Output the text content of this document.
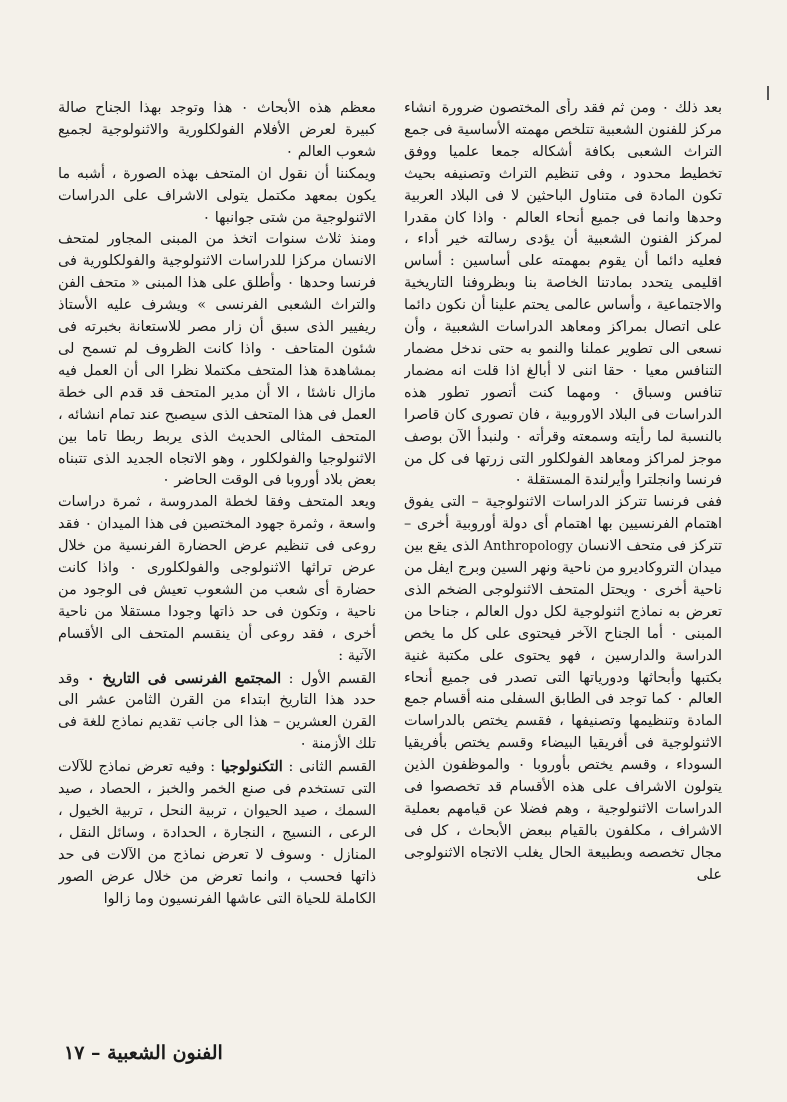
بعد ذلك ٠ ومن ثم فقد رأى المختصون ضرورة انشاء مركز للفنون الشعبية تتلخص مهمته الأساسية فى جمع التراث الشعبى بكافة أشكاله جمعا علميا ووفق تخطيط محدود ، وفى تنظيم التراث وتصنيفه بحيث تكون المادة فى متناول الباحثين لا فى البلاد العربية وحدها وانما فى جميع أنحاء العالم ٠ واذا كان مقدرا لمركز الفنون الشعبية أن يؤدى رسالته خير أداء ، فعليه دائما أن يقوم بمهمته على أساسين : أساس اقليمى يتحدد بمادتنا الخاصة بنا وبظروفنا التاريخية والاجتماعية ، وأساس عالمى يحتم علينا أن نكون دائما على اتصال بمراكز ومعاهد الدراسات الشعبية ، وأن نسعى الى تطوير عملنا والنمو به حتى ندخل مضمار التنافس معيا ٠ حقا اننى لا أبالغ اذا قلت انه مضمار تنافس وسباق ٠ ومهما كنت أتصور تطور هذه الدراسات فى البلاد الاوروبية ، فان تصورى كان قاصرا بالنسبة لما رأيته وسمعته وقرأته ٠ ولنبدأ الآن بوصف موجز لمراكز ومعاهد الفولكلور التى زرتها فى كل من فرنسا وانجلترا وأيرلندة المستقلة ٠

ففى فرنسا تتركز الدراسات الاثنولوجية – التى يفوق اهتمام الفرنسيين بها اهتمام أى دولة أوروبية أخرى – تتركز فى متحف الانسان Anthropology الذى يقع بين ميدان التروكاديرو من ناحية ونهر السين وبرج ايفل من ناحية أخرى ٠ ويحتل المتحف الاثنولوجى الضخم الذى تعرض به نماذج اثنولوجية لكل دول العالم ، جناحا من المبنى ٠ أما الجناح الآخر فيحتوى على كل ما يخص الدراسة والدارسين ، فهو يحتوى على مكتبة غنية بكتبها وأبحاثها ودورياتها التى تصدر فى جميع أنحاء العالم ٠ كما توجد فى الطابق السفلى منه أقسام جمع المادة وتنظيمها وتصنيفها ، فقسم يختص بالدراسات الاثنولوجية فى أفريقيا البيضاء وقسم يختص بأفريقيا السوداء ، وقسم يختص بأوروبا ٠ والموظفون الذين يتولون الاشراف على هذه الأقسام قد تخصصوا فى الدراسات الاثنولوجية ، وهم فضلا عن قيامهم بعملية الاشراف ، مكلفون بالقيام ببعض الأبحاث ، كل فى مجال تخصصه وبطبيعة الحال يغلب الاتجاه الاثنولوجى على

معظم هذه الأبحاث ٠ هذا وتوجد بهذا الجناح صالة كبيرة لعرض الأفلام الفولكلورية والاثنولوجية لجميع شعوب العالم ٠

ويمكننا أن نقول ان المتحف بهذه الصورة ، أشبه ما يكون بمعهد مكتمل يتولى الاشراف على الدراسات الاثنولوجية من شتى جوانبها ٠

ومنذ ثلاث سنوات اتخذ من المبنى المجاور لمتحف الانسان مركزا للدراسات الاثنولوجية والفولكلورية فى فرنسا وحدها ٠ وأطلق على هذا المبنى « متحف الفن والتراث الشعبى الفرنسى » ويشرف عليه الأستاذ ريفيير الذى سبق أن زار مصر للاستعانة بخبرته فى شئون المتاحف ٠ واذا كانت الظروف لم تسمح لى بمشاهدة هذا المتحف مكتملا نظرا الى أن العمل فيه مازال ناشئا ، الا أن مدير المتحف قد قدم الى خطة العمل فى هذا المتحف الذى سيصبح عند تمام انشائه ، المتحف المثالى الحديث الذى يربط ربطا تاما بين الاثنولوجيا والفولكلور ، وهو الاتجاه الجديد الذى تتبناه بعض بلاد أوروبا فى الوقت الحاضر ٠

ويعد المتحف وفقا لخطة المدروسة ، ثمرة دراسات واسعة ، وثمرة جهود المختصين فى هذا الميدان ٠ فقد روعى فى تنظيم عرض الحضارة الفرنسية من خلال عرض تراثها الاثنولوجى والفولكلورى ٠ واذا كانت حضارة أى شعب من الشعوب تعيش فى الوجود من ناحية ، وتكون فى حد ذاتها وجودا مستقلا من ناحية أخرى ، فقد روعى أن ينقسم المتحف الى الأقسام الآتية :

القسم الأول : المجتمع الفرنسى فى التاريخ ٠ وقد حدد هذا التاريخ ابتداء من القرن الثامن عشر الى القرن العشرين – هذا الى جانب تقديم نماذج للغة فى تلك الأزمنة ٠

القسم الثانى : التكنولوجيا : وفيه تعرض نماذج للآلات التى تستخدم فى صنع الخمر والخبز ، الحصاد ، صيد السمك ، صيد الحيوان ، تربية النحل ، تربية الخيول ، الرعى ، النسيج ، النجارة ، الحدادة ، وسائل النقل ، المنازل ٠ وسوف لا تعرض نماذج من الآلات فى حد ذاتها فحسب ، وانما تعرض من خلال عرض الصور الكاملة للحياة التى عاشها الفرنسيون وما زالوا

الفنون الشعبية – ١٧
